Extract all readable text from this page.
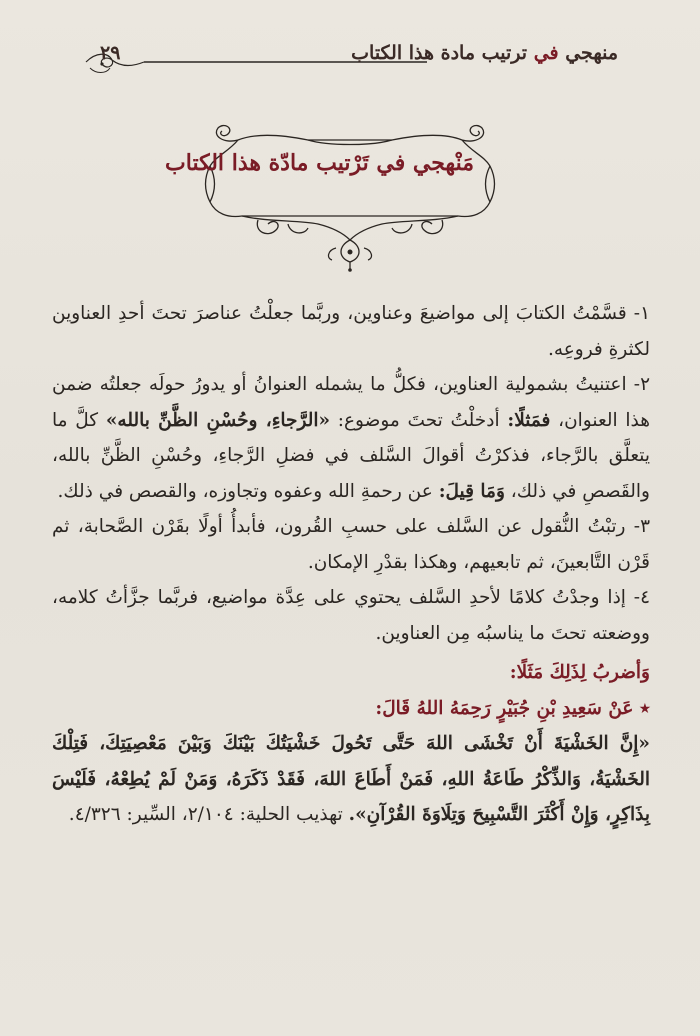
منهجي في ترتيب مادة هذا الكتاب
٢٩
مَنْهجي في تَرْتيب مادّة هذا الكتاب

١- قسَّمْتُ الكتابَ إلى مواضيعَ وعناوين، وربَّما جعلْتُ عناصرَ تحتَ أحدِ العناوين لكثرةِ فروعِه.

٢- اعتنيتُ بشمولية العناوين، فكلُّ ما يشمله العنوانُ أو يدورُ حولَه جعلتُه ضمن هذا العنوان، فمَثلًا: أدخلْتُ تحتَ موضوع: «الرَّجاءِ، وحُسْنِ الظَّنِّ بالله» كلَّ ما يتعلَّق بالرَّجاء، فذكرْتُ أقوالَ السَّلف في فضلِ الرَّجاءِ، وحُسْنِ الظَّنِّ بالله، والقَصصِ في ذلك، وَمَا قِيلَ: عن رحمةِ الله وعفوه وتجاوزه، والقصص في ذلك.

٣- رتبْتُ النُّقول عن السَّلف على حسبِ القُرون، فأبدأُ أولًا بقَرْن الصَّحابة، ثم قَرْن التَّابعينَ، ثم تابعيهم، وهكذا بقدْرِ الإمكان.

٤- إذا وجدْتُ كلامًا لأحدِ السَّلف يحتوي على عِدَّة مواضيع، فربَّما جزَّأتُ كلامه، ووضعته تحتَ ما يناسبُه مِن العناوين.

وَأضربُ لِذَلِكَ مَثَلًا:

٭ عَنْ سَعِيدِ بْنِ جُبَيْرٍ رَحِمَهُ اللهُ قَالَ:

«إِنَّ الخَشْيَةَ أَنْ تَخْشَى اللهَ حَتَّى تَحُولَ خَشْيَتُكَ بَيْنَكَ وَبَيْنَ مَعْصِيَتِكَ، فَتِلْكَ الخَشْيَةُ، وَالذِّكْرُ طَاعَةُ اللهِ، فَمَنْ أَطَاعَ اللهَ، فَقَدْ ذَكَرَهُ، وَمَنْ لَمْ يُطِعْهُ، فَلَيْسَ بِذَاكِرٍ، وَإِنْ أَكْثَرَ التَّسْبِيحَ وَتِلَاوَةَ القُرْآنِ». تهذيب الحلية: ٢/١٠٤، السِّير: ٤/٣٢٦.
